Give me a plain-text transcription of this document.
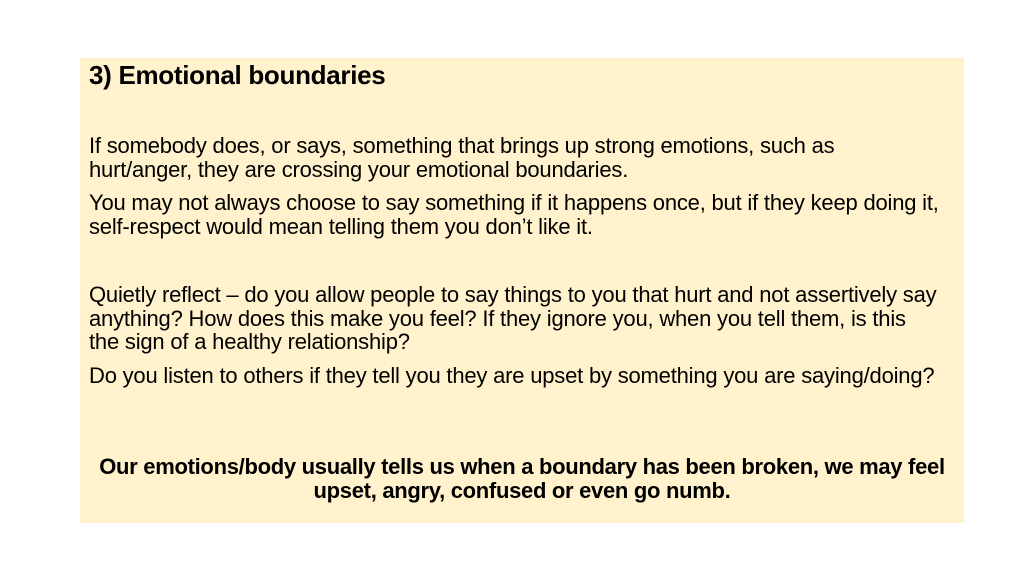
3) Emotional boundaries

If somebody does, or says, something that brings up strong emotions, such as hurt/anger, they are crossing your emotional boundaries.

You may not always choose to say something if it happens once, but if they keep doing it, self-respect would mean telling them you don’t like it.

Quietly reflect – do you allow people to say things to you that hurt and not assertively say anything? How does this make you feel? If they ignore you, when you tell them, is this the sign of a healthy relationship?

Do you listen to others if they tell you they are upset by something you are saying/doing?

Our emotions/body usually tells us when a boundary has been broken, we may feel upset, angry, confused or even go numb.
